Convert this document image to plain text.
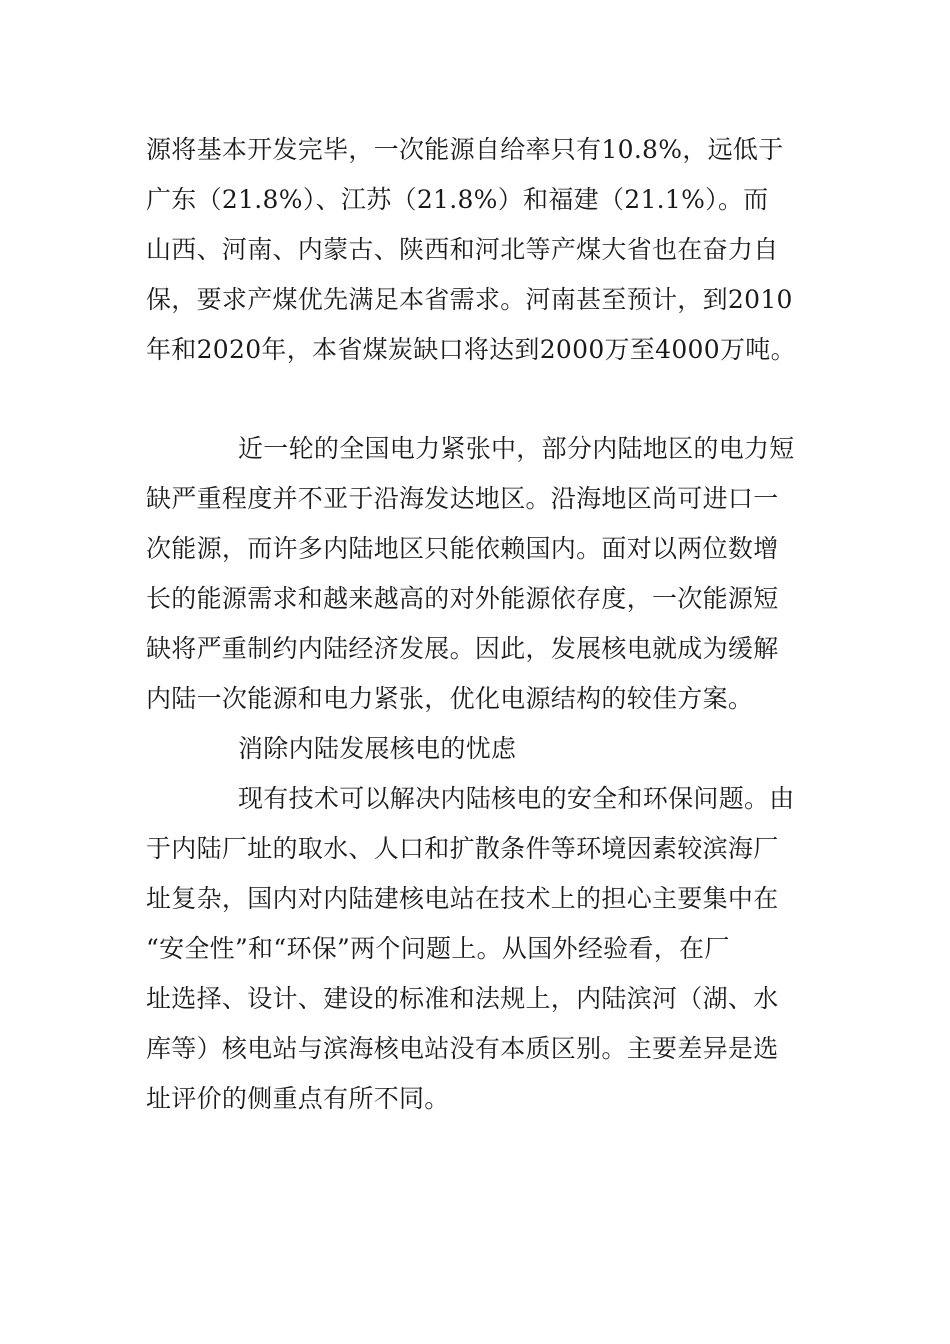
源将基本开发完毕，一次能源自给率只有10.8%，远低于
广东（21.8%）、江苏（21.8%）和福建（21.1%）。而
山西、河南、内蒙古、陕西和河北等产煤大省也在奋力自
保，要求产煤优先满足本省需求。河南甚至预计，到2010
年和2020年，本省煤炭缺口将达到2000万至4000万吨。
近一轮的全国电力紧张中，部分内陆地区的电力短
缺严重程度并不亚于沿海发达地区。沿海地区尚可进口一
次能源，而许多内陆地区只能依赖国内。面对以两位数增
长的能源需求和越来越高的对外能源依存度，一次能源短
缺将严重制约内陆经济发展。因此，发展核电就成为缓解
内陆一次能源和电力紧张，优化电源结构的较佳方案。
消除内陆发展核电的忧虑
现有技术可以解决内陆核电的安全和环保问题。由
于内陆厂址的取水、人口和扩散条件等环境因素较滨海厂
址复杂，国内对内陆建核电站在技术上的担心主要集中在
“安全性”和“环保”两个问题上。从国外经验看，在厂
址选择、设计、建设的标准和法规上，内陆滨河（湖、水
库等）核电站与滨海核电站没有本质区别。主要差异是选
址评价的侧重点有所不同。
